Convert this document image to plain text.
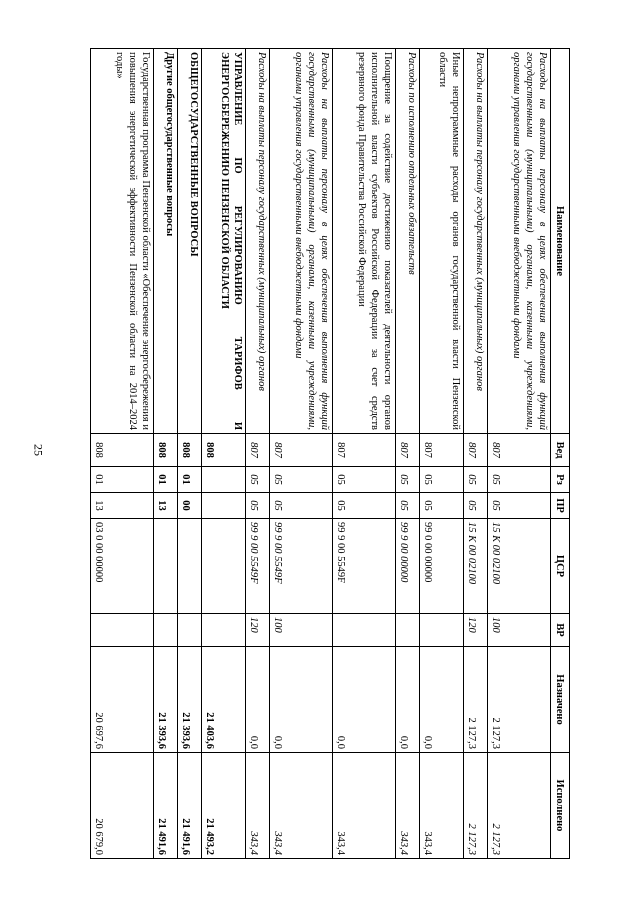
25
Наименование	Вед	Рз	ПР	ЦСР	ВР	Назначено	Исполнено
Расходы на выплаты персоналу в целях обеспечения выполнения функций государственными (муниципальными) органами, казенными учреждениями, органами управления государственными внебюджетными фондами	807	05	05	15 К 00 02100	100	2 127,3	2 127,3
Расходы на выплаты персоналу государственных (муниципальных) органов	807	05	05	15 К 00 02100	120	2 127,3	2 127,3
Иные непрограммные расходы органов государственной власти Пензенской области	807	05	05	99 0 00 00000		0,0	343,4
Расходы по исполнению отдельных обязательств	807	05	05	99 9 00 00000		0,0	343,4
Поощрение за содействие достижению показателей деятельности органов исполнительной власти субъектов Российской Федерации за счет средств резервного фонда Правительства Российской Федерации	807	05	05	99 9 00 5549F		0,0	343,4
Расходы на выплаты персоналу в целях обеспечения выполнения функций государственными (муниципальными) органами, казенными учреждениями, органами управления государственными внебюджетными фондами	807	05	05	99 9 00 5549F	100	0,0	343,4
Расходы на выплаты персоналу государственных (муниципальных) органов	807	05	05	99 9 00 5549F	120	0,0	343,4
УПРАВЛЕНИЕ ПО РЕГУЛИРОВАНИЮ ТАРИФОВ И ЭНЕРГОСБЕРЕЖЕНИЮ ПЕНЗЕНСКОЙ ОБЛАСТИ	808					21 403,6	21 493,2
ОБЩЕГОСУДАРСТВЕННЫЕ ВОПРОСЫ	808	01	00			21 393,6	21 491,6
Другие общегосударственные вопросы	808	01	13			21 393,6	21 491,6
Государственная программа Пензенской области «Обеспечение энергосбережения и повышения энергетической эффективности Пензенской области на 2014–2024 годы»	808	01	13	03 0 00 00000		20 697,6	20 679,0
